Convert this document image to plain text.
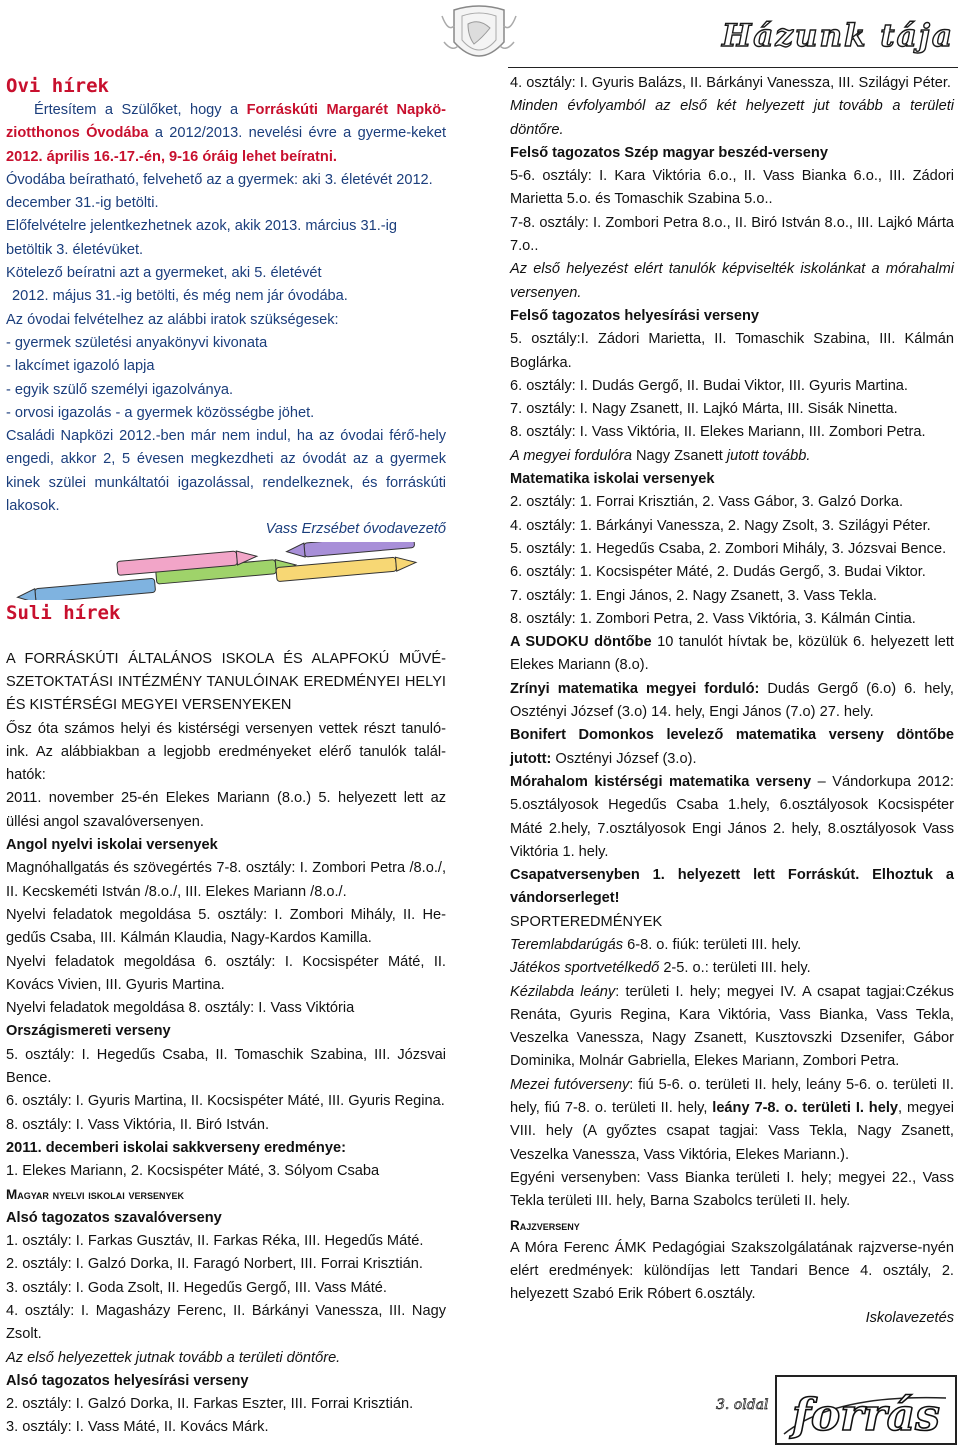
Házunk tája
Ovi hírek

Értesítem a Szülőket, hogy a Forráskúti Margarét Napkö-ziotthonos Óvodába a 2012/2013. nevelési évre a gyerme-keket 2012. április 16.-17.-én, 9-16 óráig lehet beíratni.

Óvodába beíratható, felvehető az a gyermek: aki 3. életévét 2012. december 31.-ig betölti.

Előfelvételre jelentkezhetnek azok, akik 2013. március 31.-ig betöltik 3. életévüket.

Kötelező beíratni azt a gyermeket, aki 5. életévét

2012. május 31.-ig betölti, és még nem jár óvodába.

Az óvodai felvételhez az alábbi iratok szükségesek:

- gyermek születési anyakönyvi kivonata

- lakcímet igazoló lapja

- egyik szülő személyi igazolványa.

- orvosi igazolás - a gyermek közösségbe jöhet.

Családi Napközi 2012.-ben már nem indul, ha az óvodai férő-hely engedi, akkor 2, 5 évesen megkezdheti az óvodát az a gyermek kinek szülei munkáltatói igazolással, rendelkeznek, és forráskúti lakosok.

Vass Erzsébet óvodavezető

Suli hírek

A FORRÁSKÚTI ÁLTALÁNOS ISKOLA ÉS ALAPFOKÚ MŰVÉ-SZETOKTATÁSI INTÉZMÉNY TANULÓINAK EREDMÉNYEI HELYI ÉS KISTÉRSÉGI MEGYEI VERSENYEKEN

Ősz óta számos helyi és kistérségi versenyen vettek részt tanuló-ink. Az alábbiakban a legjobb eredményeket elérő tanulók talál-hatók:

2011. november 25-én Elekes Mariann (8.o.) 5. helyezett lett az üllési angol szavalóversenyen.

Angol nyelvi iskolai versenyek

Magnóhallgatás és szövegértés 7-8. osztály: I. Zombori Petra /8.o./, II. Kecskeméti István /8.o./, III. Elekes Mariann /8.o./.

Nyelvi feladatok megoldása 5. osztály: I. Zombori Mihály, II. He-gedűs Csaba, III. Kálmán Klaudia, Nagy-Kardos Kamilla.

Nyelvi feladatok megoldása 6. osztály: I. Kocsispéter Máté, II. Kovács Vivien, III. Gyuris Martina.

Nyelvi feladatok megoldása 8. osztály: I. Vass Viktória

Országismereti verseny

5. osztály: I. Hegedűs Csaba, II. Tomaschik Szabina, III. Józsvai Bence.

6. osztály: I. Gyuris Martina, II. Kocsispéter Máté, III. Gyuris Regina.

8. osztály: I. Vass Viktória, II. Biró István.

2011. decemberi iskolai sakkverseny eredménye:

1. Elekes Mariann, 2. Kocsispéter Máté, 3. Sólyom Csaba

Magyar nyelvi iskolai versenyek

Alsó tagozatos szavalóverseny

1. osztály: I. Farkas Gusztáv, II. Farkas Réka, III. Hegedűs Máté.

2. osztály: I. Galzó Dorka, II. Faragó Norbert, III. Forrai Krisztián.

3. osztály: I. Goda Zsolt, II. Hegedűs Gergő, III. Vass Máté.

4. osztály: I. Magasházy Ferenc, II. Bárkányi Vanessza, III. Nagy Zsolt.

Az első helyezettek jutnak tovább a területi döntőre.

Alsó tagozatos helyesírási verseny

2. osztály: I. Galzó Dorka, II. Farkas Eszter, III. Forrai Krisztián.

3. osztály: I. Vass Máté, II. Kovács Márk.

4. osztály: I. Gyuris Balázs, II. Bárkányi Vanessza, III. Szilágyi Péter.

Minden évfolyamból az első két helyezett jut tovább a területi döntőre.

Felső tagozatos Szép magyar beszéd-verseny

5-6. osztály: I. Kara Viktória 6.o., II. Vass Bianka 6.o., III. Zádori Marietta 5.o. és Tomaschik Szabina 5.o..

7-8. osztály: I. Zombori Petra 8.o., II. Biró István 8.o., III. Lajkó Márta 7.o..

Az első helyezést elért tanulók képviselték iskolánkat a mórahalmi versenyen.

Felső tagozatos helyesírási verseny

5. osztály:I. Zádori Marietta, II. Tomaschik Szabina, III. Kálmán Boglárka.

6. osztály: I. Dudás Gergő, II. Budai Viktor, III. Gyuris Martina.

7. osztály: I. Nagy Zsanett, II. Lajkó Márta, III. Sisák Ninetta.

8. osztály: I. Vass Viktória, II. Elekes Mariann, III. Zombori Petra.

A megyei fordulóra Nagy Zsanett jutott tovább.

Matematika iskolai versenyek

2. osztály: 1. Forrai Krisztián, 2. Vass Gábor, 3. Galzó Dorka.

4. osztály: 1. Bárkányi Vanessza, 2. Nagy Zsolt, 3. Szilágyi Péter.

5. osztály: 1. Hegedűs Csaba, 2. Zombori Mihály, 3. Józsvai Bence.

6. osztály: 1. Kocsispéter Máté, 2. Dudás Gergő, 3. Budai Viktor.

7. osztály: 1. Engi János, 2. Nagy Zsanett, 3. Vass Tekla.

8. osztály: 1. Zombori Petra, 2. Vass Viktória, 3. Kálmán Cintia.

A SUDOKU döntőbe 10 tanulót hívtak be, közülük 6. helyezett lett Elekes Mariann (8.o).

Zrínyi matematika megyei forduló: Dudás Gergő (6.o) 6. hely, Osztényi József (3.o) 14. hely, Engi János (7.o) 27. hely.

Bonifert Domonkos levelező matematika verseny döntőbe jutott: Osztényi József (3.o).

Mórahalom kistérségi matematika verseny – Vándorkupa 2012: 5.osztályosok Hegedűs Csaba 1.hely, 6.osztályosok Kocsispéter Máté 2.hely, 7.osztályosok Engi János 2. hely, 8.osztályosok Vass Viktória 1. hely.

Csapatversenyben 1. helyezett lett Forráskút. Elhoztuk a vándorserleget!

SPORTEREDMÉNYEK

Teremlabdarúgás 6-8. o. fiúk: területi III. hely.

Játékos sportvetélkedő 2-5. o.: területi III. hely.

Kézilabda leány: területi I. hely; megyei IV. A csapat tagjai:Czékus Renáta, Gyuris Regina, Kara Viktória, Vass Bianka, Vass Tekla, Veszelka Vanessza, Nagy Zsanett, Kusztovszki Dzsenifer, Gábor Dominika, Molnár Gabriella, Elekes Mariann, Zombori Petra.

Mezei futóverseny: fiú 5-6. o. területi II. hely, leány 5-6. o. területi II. hely, fiú 7-8. o. területi II. hely, leány 7-8. o. területi I. hely, megyei VIII. hely (A győztes csapat tagjai: Vass Tekla, Nagy Zsanett, Veszelka Vanessza, Vass Viktória, Elekes Mariann.).

Egyéni versenyben: Vass Bianka területi I. hely; megyei 22., Vass Tekla területi III. hely, Barna Szabolcs területi II. hely.

Rajzverseny

A Móra Ferenc ÁMK Pedagógiai Szakszolgálatának rajzverse-nyén elért eredmények: különdíjas lett Tandari Bence 4. osztály, 2. helyezett Szabó Erik Róbert 6.osztály.

Iskolavezetés

3. oldal forrás
